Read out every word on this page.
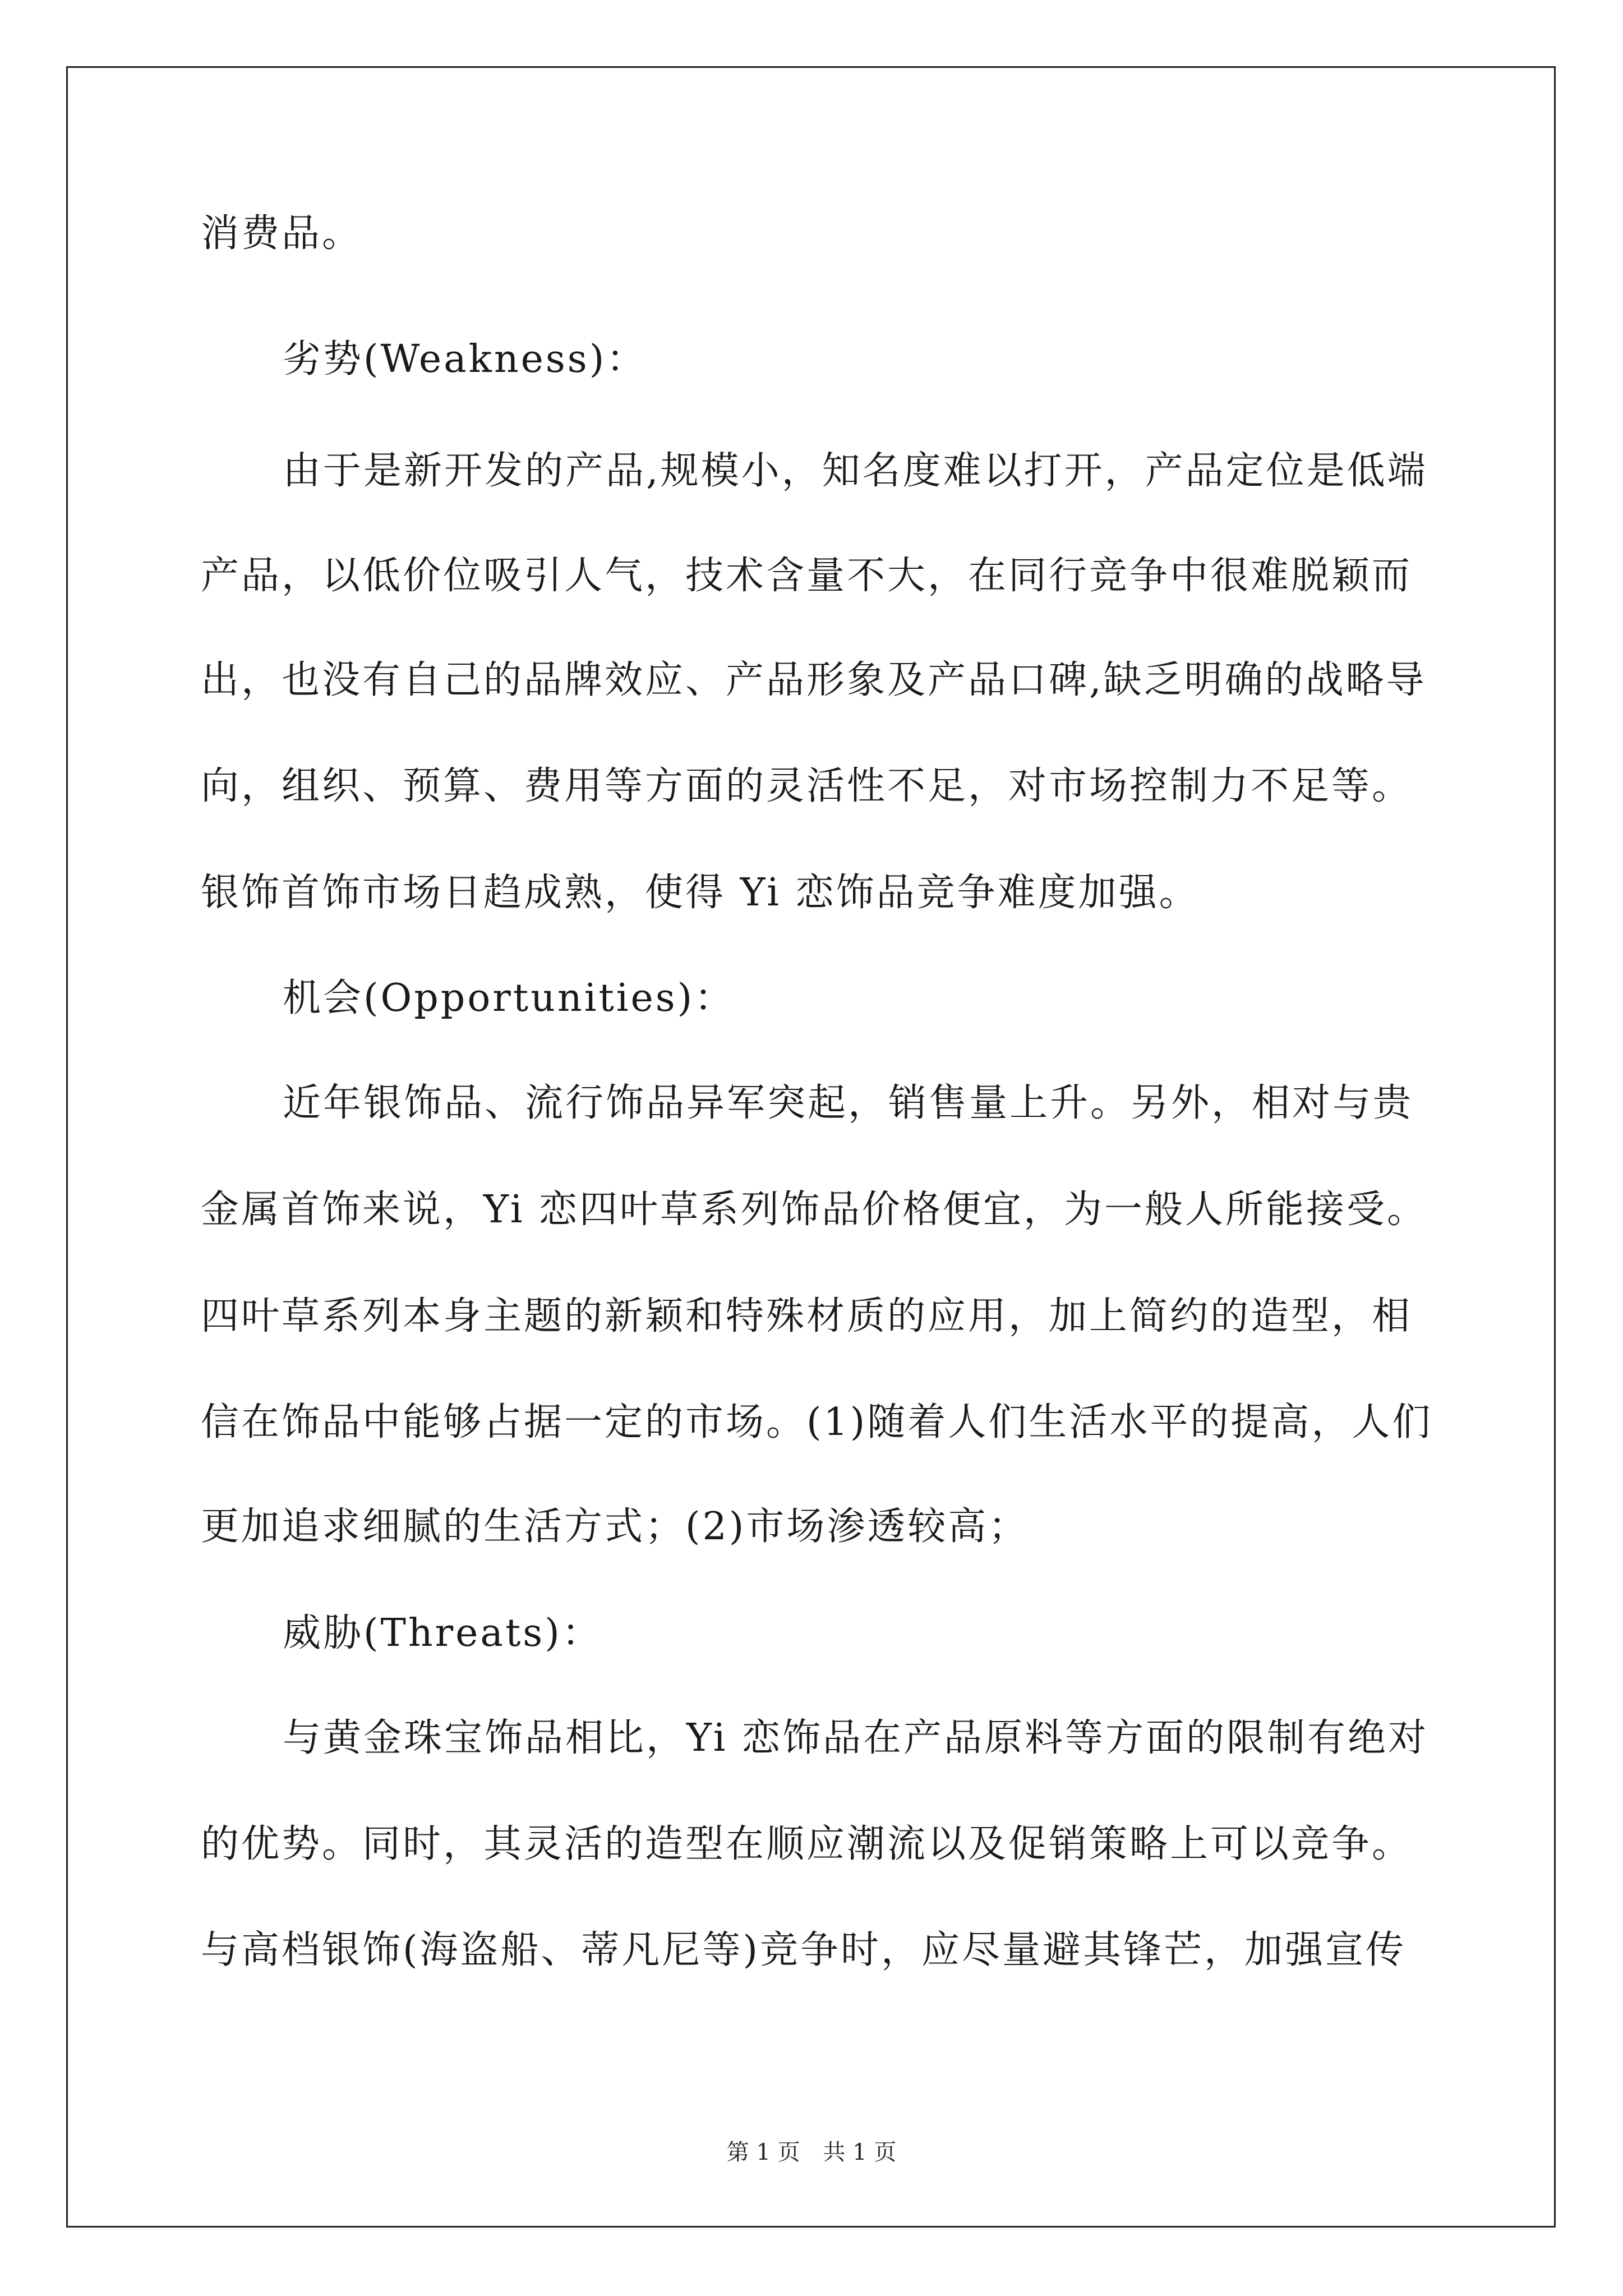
消费品。
劣势(Weakness)：
由于是新开发的产品,规模小，知名度难以打开，产品定位是低端
产品，以低价位吸引人气，技术含量不大，在同行竞争中很难脱颖而
出，也没有自己的品牌效应、产品形象及产品口碑,缺乏明确的战略导
向，组织、预算、费用等方面的灵活性不足，对市场控制力不足等。
银饰首饰市场日趋成熟，使得 Yi 恋饰品竞争难度加强。
机会(Opportunities)：
近年银饰品、流行饰品异军突起，销售量上升。另外，相对与贵
金属首饰来说，Yi 恋四叶草系列饰品价格便宜，为一般人所能接受。
四叶草系列本身主题的新颖和特殊材质的应用，加上简约的造型，相
信在饰品中能够占据一定的市场。(1)随着人们生活水平的提高，人们
更加追求细腻的生活方式；(2)市场渗透较高；
威胁(Threats)：
与黄金珠宝饰品相比，Yi 恋饰品在产品原料等方面的限制有绝对
的优势。同时，其灵活的造型在顺应潮流以及促销策略上可以竞争。
与高档银饰(海盗船、蒂凡尼等)竞争时，应尽量避其锋芒，加强宣传
第 1 页 共 1 页
